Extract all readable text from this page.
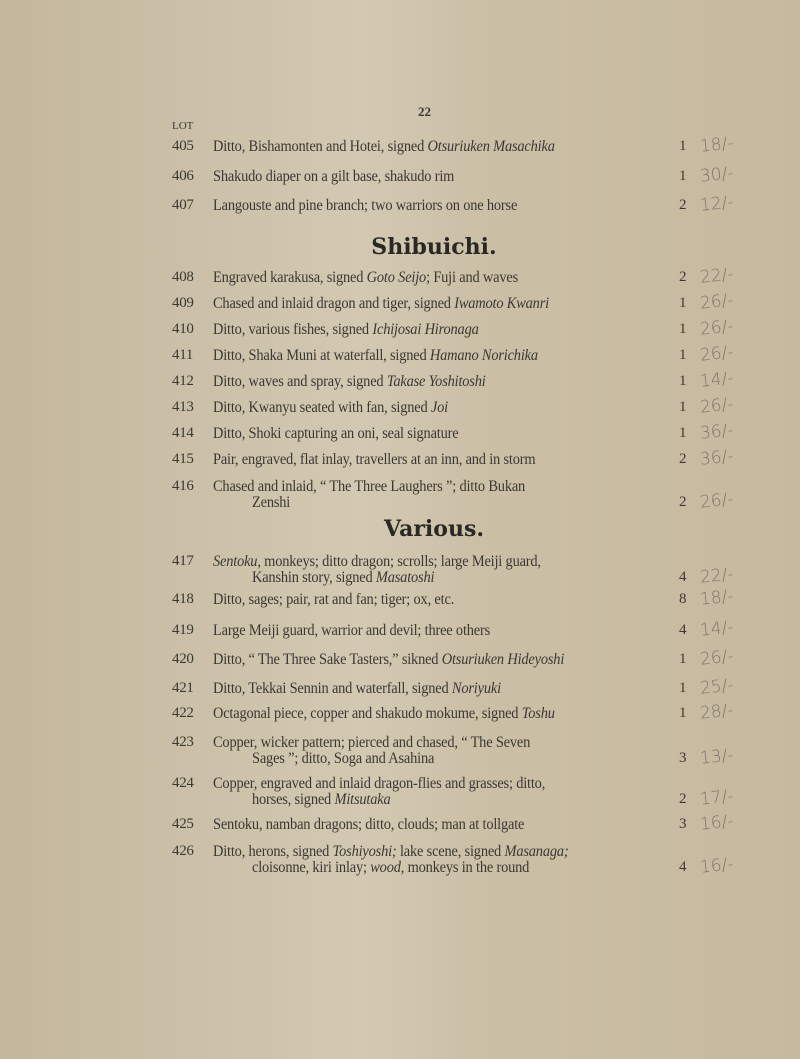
22
LOT
Shibuichi.
Various.
405 Ditto, Bishamonten and Hotei, signed Otsuriuken Masachika	1 18/-
406 Shakudo diaper on a gilt base, shakudo rim	1 30/-
407 Langouste and pine branch; two warriors on one horse	2 12/-
408 Engraved karakusa, signed Goto Seijo; Fuji and waves	2 22/-
409 Chased and inlaid dragon and tiger, signed Iwamoto Kwanri	1 26/-
410 Ditto, various fishes, signed Ichijosai Hironaga	1 26/-
411 Ditto, Shaka Muni at waterfall, signed Hamano Norichika	1 26/-
412 Ditto, waves and spray, signed Takase Yoshitoshi	1 14/-
413 Ditto, Kwanyu seated with fan, signed Joi	1 26/-
414 Ditto, Shoki capturing an oni, seal signature	1 36/-
415 Pair, engraved, flat inlay, travellers at an inn, and in storm	2 36/-
416 Chased and inlaid, “ The Three Laughers ”; ditto Bukan
Zenshi	2 26/-
417 Sentoku, monkeys; ditto dragon; scrolls; large Meiji guard,
Kanshin story, signed Masatoshi	4 22/-
418 Ditto, sages; pair, rat and fan; tiger; ox, etc.	8 18/-
419 Large Meiji guard, warrior and devil; three others	4 14/-
420 Ditto, “ The Three Sake Tasters,” sikned Otsuriuken Hideyoshi	1 26/-
421 Ditto, Tekkai Sennin and waterfall, signed Noriyuki	1 25/-
422 Octagonal piece, copper and shakudo mokume, signed Toshu	1 28/-
423 Copper, wicker pattern; pierced and chased, “ The Seven
Sages ”; ditto, Soga and Asahina	3 13/-
424 Copper, engraved and inlaid dragon-flies and grasses; ditto,
horses, signed Mitsutaka	2 17/-
425 Sentoku, namban dragons; ditto, clouds; man at tollgate	3 16/-
426 Ditto, herons, signed Toshiyoshi; lake scene, signed Masanaga;
cloisonne, kiri inlay; wood, monkeys in the round	4 16/-
